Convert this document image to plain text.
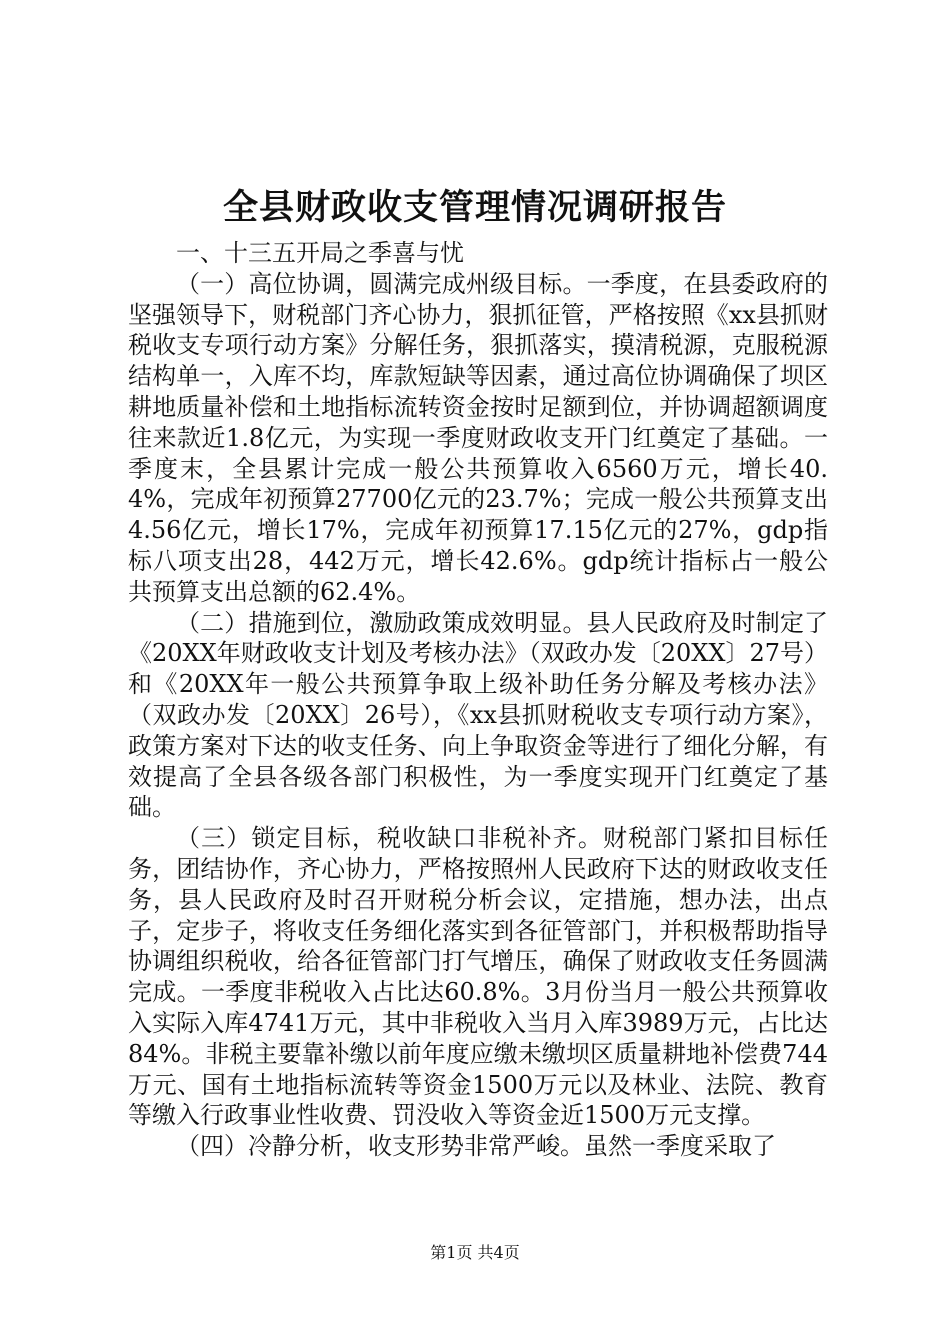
全县财政收支管理情况调研报告

一、十三五开局之季喜与忧

（一）高位协调，圆满完成州级目标。一季度，在县委政府的坚强领导下，财税部门齐心协力，狠抓征管，严格按照《xx县抓财税收支专项行动方案》分解任务，狠抓落实，摸清税源，克服税源结构单一，入库不均，库款短缺等因素，通过高位协调确保了坝区耕地质量补偿和土地指标流转资金按时足额到位，并协调超额调度往来款近1.8亿元，为实现一季度财政收支开门红奠定了基础。一季度末，全县累计完成一般公共预算收入6560万元，增长40.4%，完成年初预算27700亿元的23.7%；完成一般公共预算支出4.56亿元，增长17%，完成年初预算17.15亿元的27%，gdp指标八项支出28，442万元，增长42.6%。gdp统计指标占一般公共预算支出总额的62.4%。

（二）措施到位，激励政策成效明显。县人民政府及时制定了《20XX年财政收支计划及考核办法》（双政办发〔20XX〕27号）和《20XX年一般公共预算争取上级补助任务分解及考核办法》（双政办发〔20XX〕26号），《xx县抓财税收支专项行动方案》，政策方案对下达的收支任务、向上争取资金等进行了细化分解，有效提高了全县各级各部门积极性，为一季度实现开门红奠定了基础。

（三）锁定目标，税收缺口非税补齐。财税部门紧扣目标任务，团结协作，齐心协力，严格按照州人民政府下达的财政收支任务，县人民政府及时召开财税分析会议，定措施，想办法，出点子，定步子，将收支任务细化落实到各征管部门，并积极帮助指导协调组织税收，给各征管部门打气增压，确保了财政收支任务圆满完成。一季度非税收入占比达60.8%。3月份当月一般公共预算收入实际入库4741万元，其中非税收入当月入库3989万元，占比达84%。非税主要靠补缴以前年度应缴未缴坝区质量耕地补偿费744万元、国有土地指标流转等资金1500万元以及林业、法院、教育等缴入行政事业性收费、罚没收入等资金近1500万元支撑。

（四）冷静分析，收支形势非常严峻。虽然一季度采取了

第1页 共4页
